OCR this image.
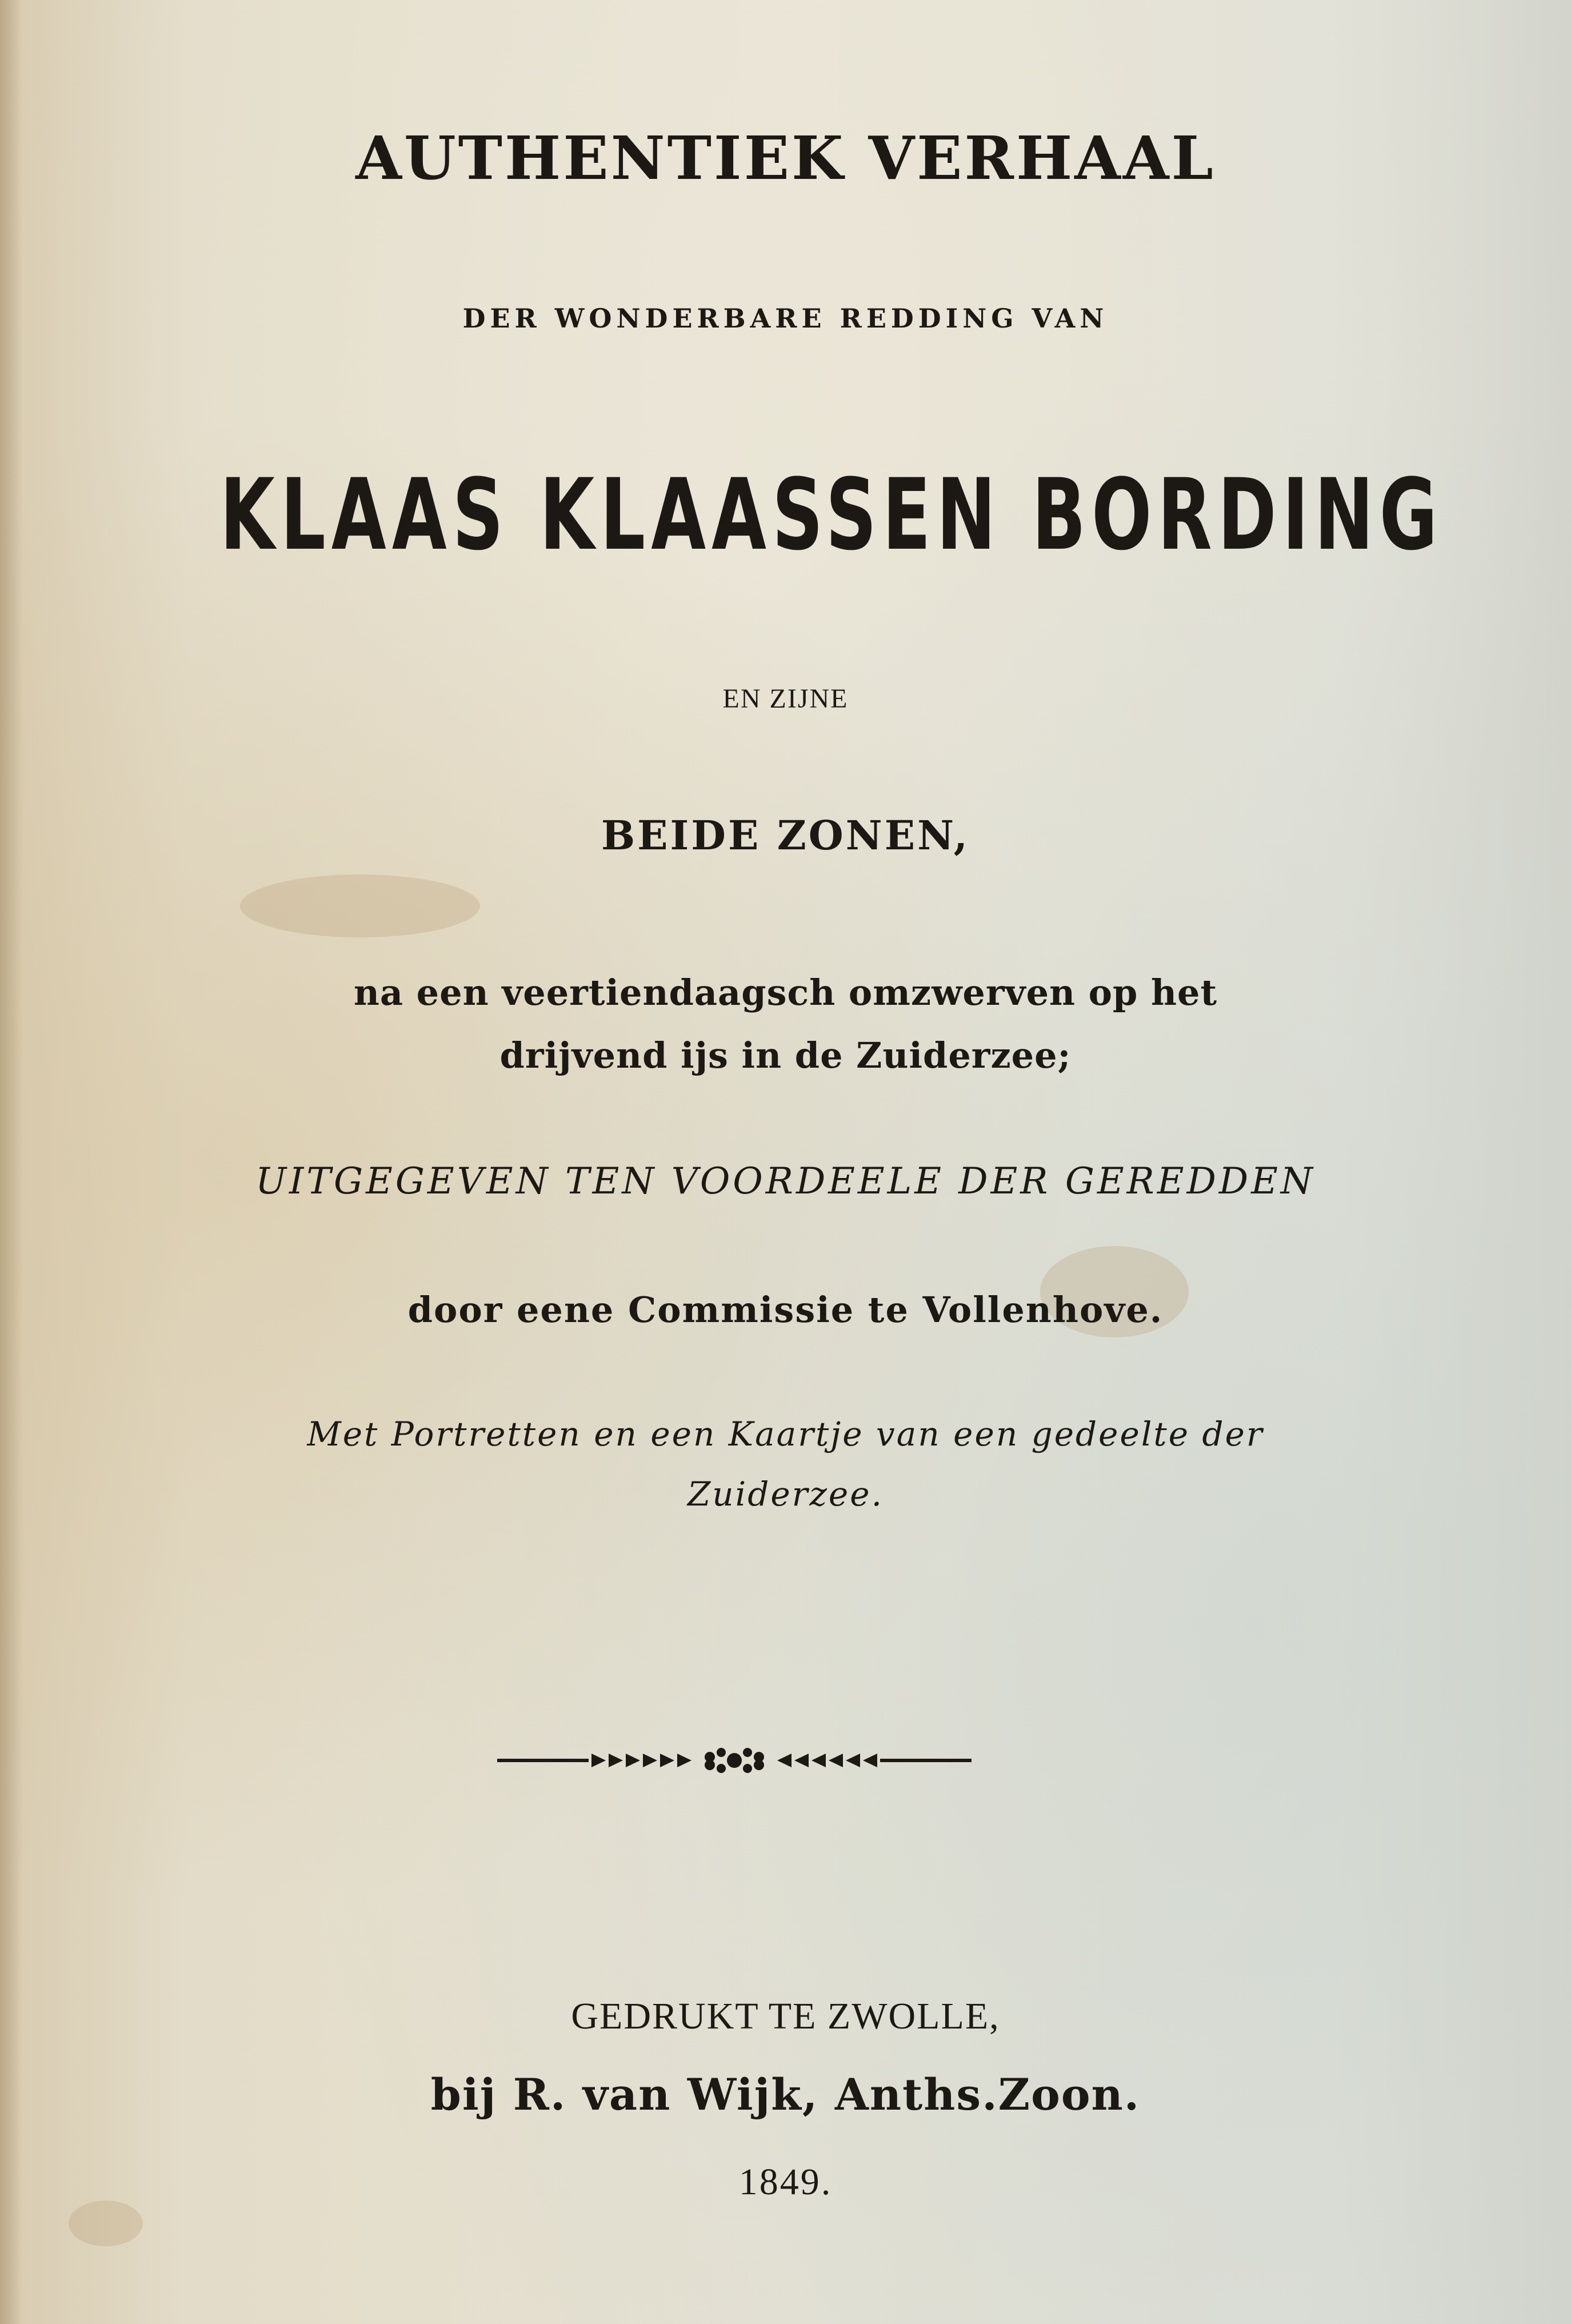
AUTHENTIEK VERHAAL

DER WONDERBARE REDDING VAN

KLAAS KLAASSEN BORDING

EN ZIJNE

BEIDE ZONEN,

na een veertiendaagsch omzwerven op het

drijvend ijs in de Zuiderzee;

UITGEGEVEN TEN VOORDEELE DER GEREDDEN

door eene Commissie te Vollenhove.

Met Portretten en een Kaartje van een gedeelte der

Zuiderzee.

GEDRUKT TE ZWOLLE,

bij R. van Wijk, Anths.Zoon.

1849.
